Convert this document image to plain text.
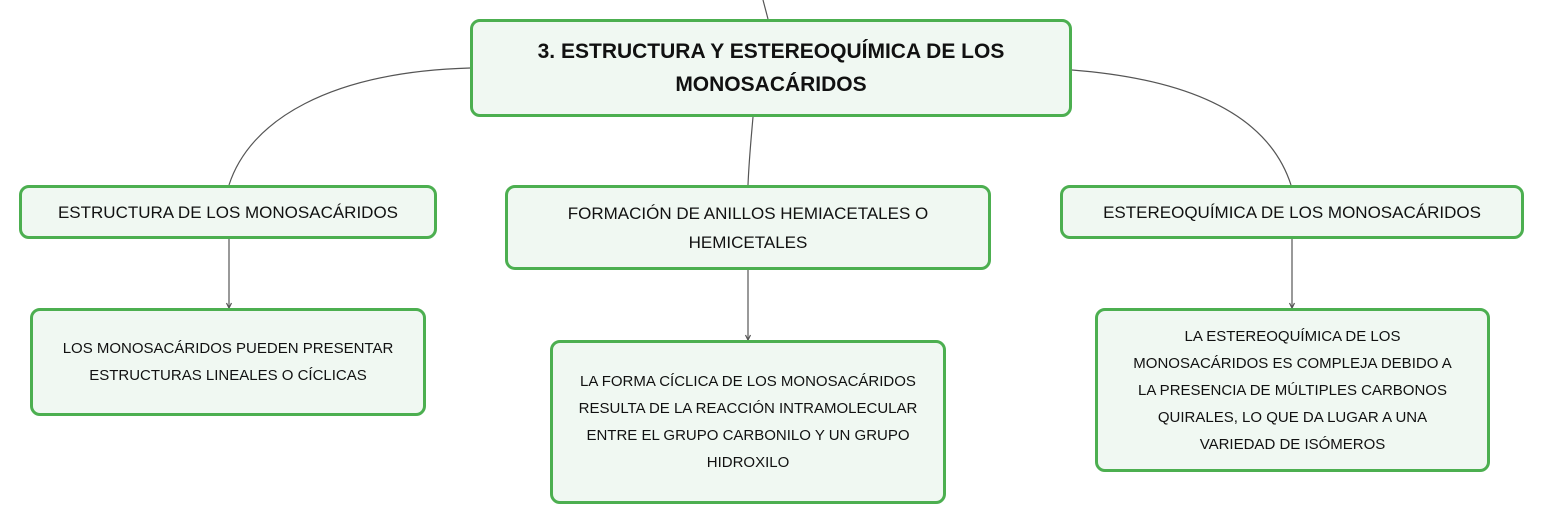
3. ESTRUCTURA Y ESTEREOQUÍMICA DE LOS
MONOSACÁRIDOS
ESTRUCTURA DE LOS MONOSACÁRIDOS	FORMACIÓN DE ANILLOS HEMIACETALES O
HEMICETALES
ESTEREOQUÍMICA DE LOS MONOSACÁRIDOS
LOS MONOSACÁRIDOS PUEDEN PRESENTAR
ESTRUCTURAS LINEALES O CÍCLICAS	LA FORMA CÍCLICA DE LOS MONOSACÁRIDOS
RESULTA DE LA REACCIÓN INTRAMOLECULAR
ENTRE EL GRUPO CARBONILO Y UN GRUPO
HIDROXILO
LA ESTEREOQUÍMICA DE LOS
MONOSACÁRIDOS ES COMPLEJA DEBIDO A
LA PRESENCIA DE MÚLTIPLES CARBONOS
QUIRALES, LO QUE DA LUGAR A UNA
VARIEDAD DE ISÓMEROS
